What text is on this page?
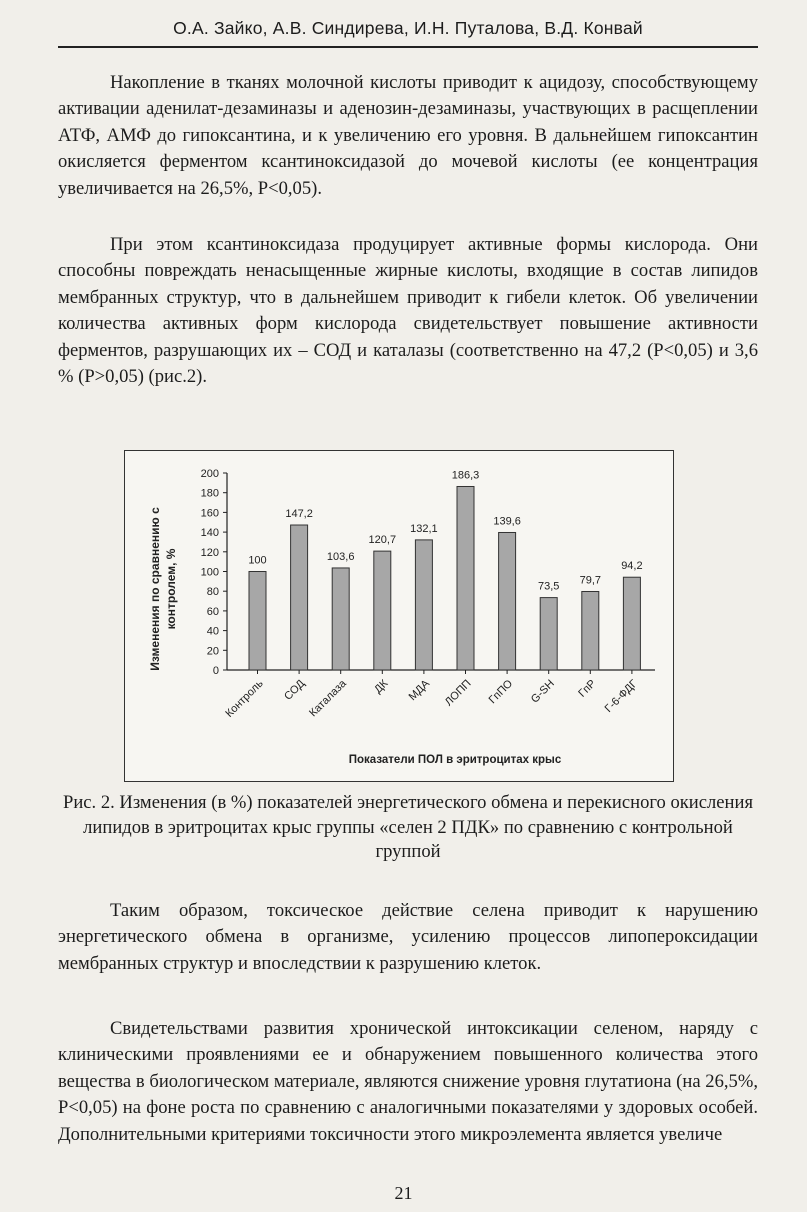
О.А. Зайко, А.В. Синдирева, И.Н. Путалова, В.Д. Конвай

Накопление в тканях молочной кислоты приводит к ацидозу, способствующему активации аденилат-дезаминазы и аденозин-дезаминазы, участвующих в расщеплении АТФ, АМФ до гипоксантина, и к увеличению его уровня. В дальнейшем гипоксантин окисляется ферментом ксантиноксидазой до мочевой кислоты (ее концентрация увеличивается на 26,5%, P<0,05).

При этом ксантиноксидаза продуцирует активные формы кислорода. Они способны повреждать ненасыщенные жирные кислоты, входящие в состав липидов мембранных структур, что в дальнейшем приводит к гибели клеток. Об увеличении количества активных форм кислорода свидетельствует повышение активности ферментов, разрушающих их – СОД и каталазы (соответственно на 47,2 (P<0,05) и 3,6 % (P>0,05) (рис.2).

Изменения по сравнению с контролем, %
Показатели ПОЛ в эритроцитах крыс
0
20
40
60
80
100
120
140
160
180
200
100
Контроль
147,2
СОД
103,6
Каталаза
120,7
ДК
132,1
МДА
186,3
ЛОПП
139,6
ГпПО
73,5
G-SH
79,7
ГпР
94,2
Г-6-ФДГ

Рис. 2. Изменения (в %) показателей энергетического обмена и перекисного окисления липидов в эритроцитах крыс группы «селен 2 ПДК» по сравнению с контрольной группой

Таким образом, токсическое действие селена приводит к нарушению энергетического обмена в организме, усилению процессов липопероксидации мембранных структур и впоследствии к разрушению клеток.

Свидетельствами развития хронической интоксикации селеном, наряду с клиническими проявлениями ее и обнаружением повышенного количества этого вещества в биологическом материале, являются снижение уровня глутатиона (на 26,5%, P<0,05) на фоне роста по сравнению с аналогичными показателями у здоровых особей. Дополнительными критериями токсичности этого микроэлемента является увеличе

21
